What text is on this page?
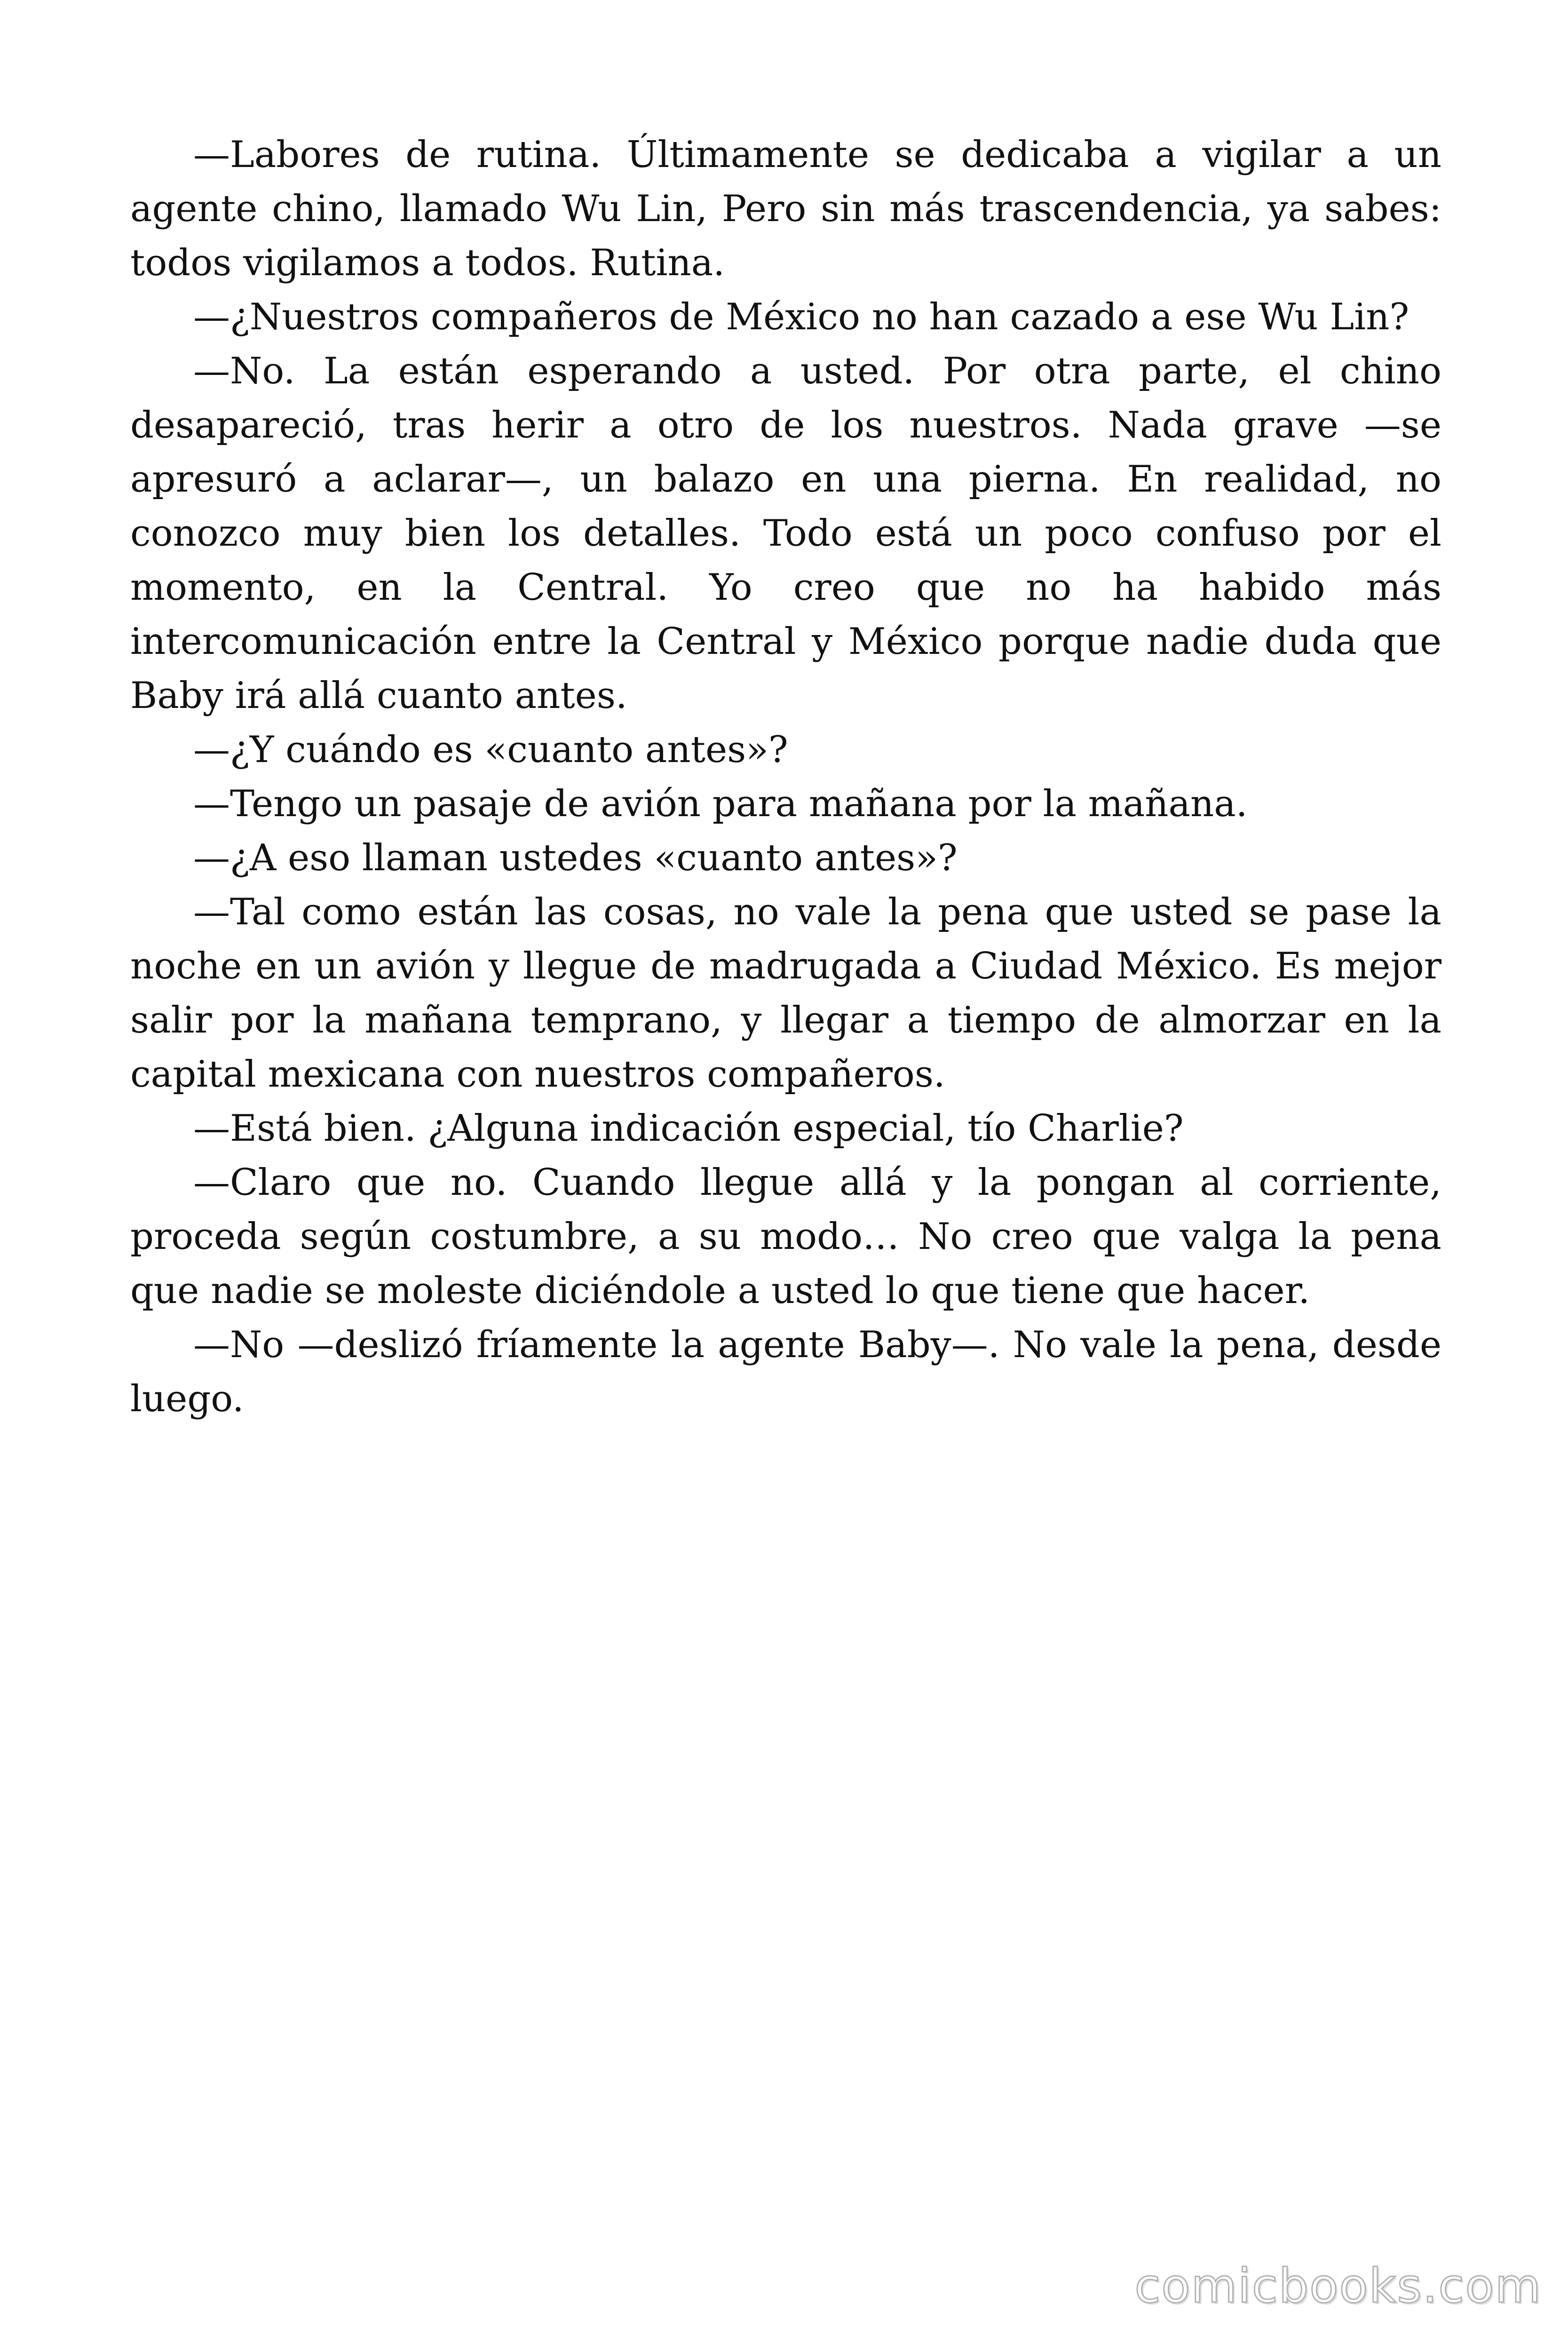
—Labores de rutina. Últimamente se dedicaba a vigilar a un agente chino, llamado Wu Lin, Pero sin más trascendencia, ya sabes: todos vigilamos a todos. Rutina.

—¿Nuestros compañeros de México no han cazado a ese Wu Lin?

—No. La están esperando a usted. Por otra parte, el chino desapareció, tras herir a otro de los nuestros. Nada grave —se apresuró a aclarar—, un balazo en una pierna. En realidad, no conozco muy bien los detalles. Todo está un poco confuso por el momento, en la Central. Yo creo que no ha habido más intercomunicación entre la Central y México porque nadie duda que Baby irá allá cuanto antes.

—¿Y cuándo es «cuanto antes»?

—Tengo un pasaje de avión para mañana por la mañana.

—¿A eso llaman ustedes «cuanto antes»?

—Tal como están las cosas, no vale la pena que usted se pase la noche en un avión y llegue de madrugada a Ciudad México. Es mejor salir por la mañana temprano, y llegar a tiempo de almorzar en la capital mexicana con nuestros compañeros.

—Está bien. ¿Alguna indicación especial, tío Charlie?

—Claro que no. Cuando llegue allá y la pongan al corriente, proceda según costumbre, a su modo… No creo que valga la pena que nadie se moleste diciéndole a usted lo que tiene que hacer.

—No —deslizó fríamente la agente Baby—. No vale la pena, desde luego.

comicbooks.com
